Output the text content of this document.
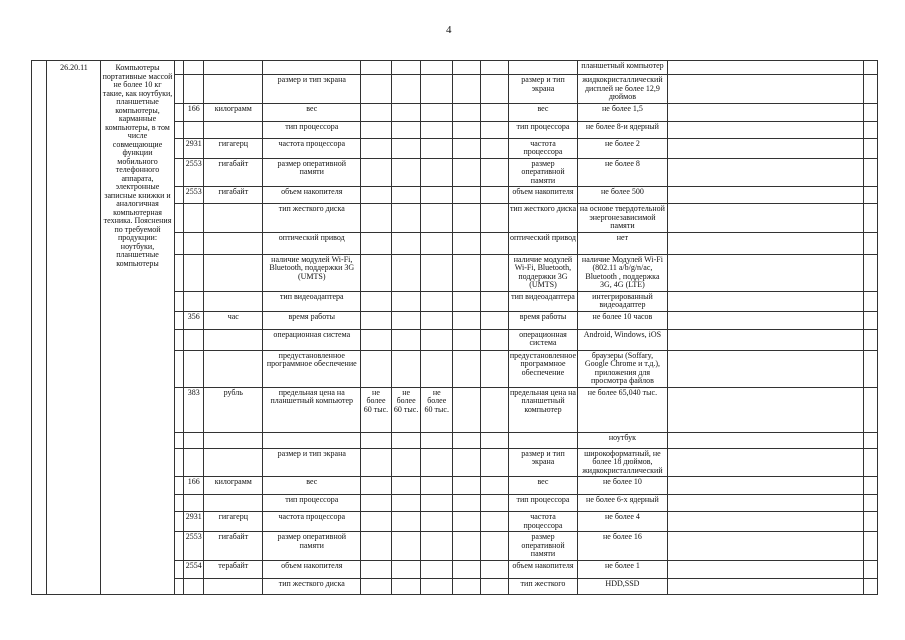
4
	26.20.11	Компьютеры портативные массой не более 10 кг такие, как ноутбуки, планшетные компьютеры, карманные компьютеры, в том числе совмещающие функции мобильного телефонного аппарата, электронные записные книжки и аналогичная компьютерная техника. Пояснения по требуемой продукции: ноутбуки, планшетные компьютеры											планшетный компьютер		
						размер и тип экрана						размер и тип экрана	жидкокристаллический дисплей не более 12,9 дюймов		
				166	килограмм	вес						вес	не более 1,5		
						тип процессора						тип процессора	не более 8-и ядерный		
				2931	гигагерц	частота процессора						частота процессора	не более 2		
				2553	гигабайт	размер оперативной памяти						размер оперативной памяти	не более 8		
				2553	гигабайт	объем накопителя						объем накопителя	не более 500		
						тип жесткого диска						тип жесткого диска	на основе твердотельной энергонезависимой памяти		
						оптический привод						оптический привод	нет		
						наличие модулей Wi-Fi, Bluetooth, поддержки 3G (UMTS)						наличие модулей Wi-Fi, Bluetooth, поддержки 3G (UMTS)	наличие Модулей Wi-Fi (802.11 a/b/g/n/ac, Bluetooth , поддержка 3G, 4G (LTE)		
						тип видеоадаптера						тип видеоадаптера	интегрированный видеоадаптер		
				356	час	время работы						время работы	не более 10 часов		
						операционная система						операционная система	Android, Windows, iOS		
						предустановленное программное обеспечение						предустановленное программное обеспечение	браузеры (Soffary, Google Chrome и т.д.), приложения для просмотра файлов		
				383	рубль	предельная цена на планшетный компьютер	не более 60 тыс.	не более 60 тыс.	не более 60 тыс.			предельная цена на планшетный компьютер	не более 65,040 тыс.		
													ноутбук		
						размер и тип экрана						размер и тип экрана	широкоформатный, не более 18 дюймов, жидкокристаллический		
				166	килограмм	вес						вес	не более 10		
						тип процессора						тип процессора	не более 6-х ядерный		
				2931	гигагерц	частота процессора						частота процессора	не более 4		
				2553	гигабайт	размер оперативной памяти						размер оперативной памяти	не более 16		
				2554	терабайт	объем накопителя						объем накопителя	не более 1		
						тип жесткого диска						тип жесткого	HDD,SSD		
